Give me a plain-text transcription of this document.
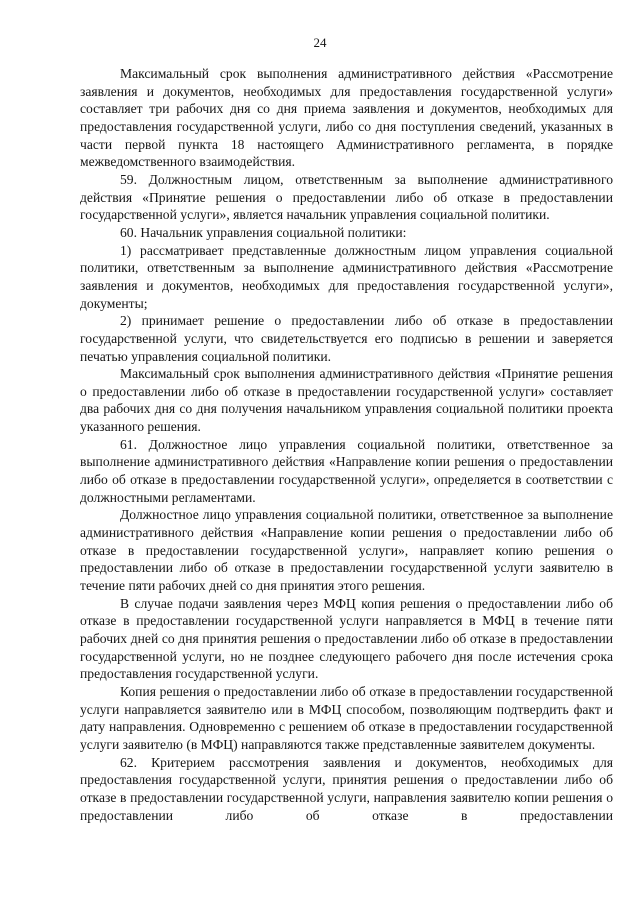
24

Максимальный срок выполнения административного действия «Рассмотрение заявления и документов, необходимых для предоставления государственной услуги» составляет три рабочих дня со дня приема заявления и документов, необходимых для предоставления государственной услуги, либо со дня поступления сведений, указанных в части первой пункта 18 настоящего Административного регламента, в порядке межведомственного взаимодействия.

59. Должностным лицом, ответственным за выполнение административного действия «Принятие решения о предоставлении либо об отказе в предоставлении государственной услуги», является начальник управления социальной политики.

60. Начальник управления социальной политики:

1) рассматривает представленные должностным лицом управления социальной политики, ответственным за выполнение административного действия «Рассмотрение заявления и документов, необходимых для предоставления государственной услуги», документы;

2) принимает решение о предоставлении либо об отказе в предоставлении государственной услуги, что свидетельствуется его подписью в решении и заверяется печатью управления социальной политики.

Максимальный срок выполнения административного действия «Принятие решения о предоставлении либо об отказе в предоставлении государственной услуги» составляет два рабочих дня со дня получения начальником управления социальной политики проекта указанного решения.

61. Должностное лицо управления социальной политики, ответственное за выполнение административного действия «Направление копии решения о предоставлении либо об отказе в предоставлении государственной услуги», определяется в соответствии с должностными регламентами.

Должностное лицо управления социальной политики, ответственное за выполнение административного действия «Направление копии решения о предоставлении либо об отказе в предоставлении государственной услуги», направляет копию решения о предоставлении либо об отказе в предоставлении государственной услуги заявителю в течение пяти рабочих дней со дня принятия этого решения.

В случае подачи заявления через МФЦ копия решения о предоставлении либо об отказе в предоставлении государственной услуги направляется в МФЦ в течение пяти рабочих дней со дня принятия решения о предоставлении либо об отказе в предоставлении государственной услуги, но не позднее следующего рабочего дня после истечения срока предоставления государственной услуги.

Копия решения о предоставлении либо об отказе в предоставлении государственной услуги направляется заявителю или в МФЦ способом, позволяющим подтвердить факт и дату направления. Одновременно с решением об отказе в предоставлении государственной услуги заявителю (в МФЦ) направляются также представленные заявителем документы.

62. Критерием рассмотрения заявления и документов, необходимых для предоставления государственной услуги, принятия решения о предоставлении либо об отказе в предоставлении государственной услуги, направления заявителю копии решения о предоставлении либо об отказе в предоставлении
